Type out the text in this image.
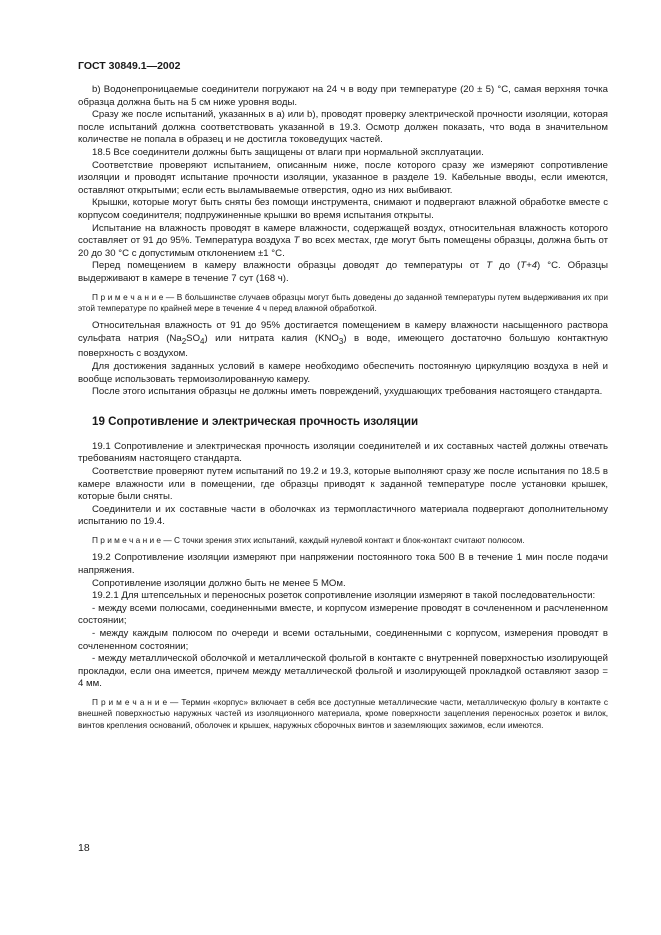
ГОСТ 30849.1—2002

b) Водонепроницаемые соединители погружают на 24 ч в воду при температуре (20 ± 5) °С, самая верхняя точка образца должна быть на 5 см ниже уровня воды.

Сразу же после испытаний, указанных в а) или b), проводят проверку электрической прочности изоляции, которая после испытаний должна соответствовать указанной в 19.3. Осмотр должен показать, что вода в значительном количестве не попала в образец и не достигла токоведущих частей.

18.5 Все соединители должны быть защищены от влаги при нормальной эксплуатации.

Соответствие проверяют испытанием, описанным ниже, после которого сразу же измеряют сопротивление изоляции и проводят испытание прочности изоляции, указанное в разделе 19. Кабельные вводы, если имеются, оставляют открытыми; если есть выламываемые отверстия, одно из них выбивают.

Крышки, которые могут быть сняты без помощи инструмента, снимают и подвергают влажной обработке вместе с корпусом соединителя; подпружиненные крышки во время испытания открыты.

Испытание на влажность проводят в камере влажности, содержащей воздух, относительная влажность которого составляет от 91 до 95%. Температура воздуха T во всех местах, где могут быть помещены образцы, должна быть от 20 до 30 °С с допустимым отклонением ±1 °С.

Перед помещением в камеру влажности образцы доводят до температуры от T до (T+4) °С. Образцы выдерживают в камере в течение 7 сут (168 ч).

П р и м е ч а н и е — В большинстве случаев образцы могут быть доведены до заданной температуры путем выдерживания их при этой температуре по крайней мере в течение 4 ч перед влажной обработкой.

Относительная влажность от 91 до 95% достигается помещением в камеру влажности насыщенного раствора сульфата натрия $(Na_2SO_4)$ или нитрата калия $(KNO_3)$ в воде, имеющего достаточно большую контактную поверхность с воздухом.

Для достижения заданных условий в камере необходимо обеспечить постоянную циркуляцию воздуха в ней и вообще использовать термоизолированную камеру.

После этого испытания образцы не должны иметь повреждений, ухудшающих требования настоящего стандарта.

19 Сопротивление и электрическая прочность изоляции

19.1 Сопротивление и электрическая прочность изоляции соединителей и их составных частей должны отвечать требованиям настоящего стандарта.

Соответствие проверяют путем испытаний по 19.2 и 19.3, которые выполняют сразу же после испытания по 18.5 в камере влажности или в помещении, где образцы приводят к заданной температуре после установки крышек, которые были сняты.

Соединители и их составные части в оболочках из термопластичного материала подвергают дополнительному испытанию по 19.4.

П р и м е ч а н и е — С точки зрения этих испытаний, каждый нулевой контакт и блок-контакт считают полюсом.

19.2 Сопротивление изоляции измеряют при напряжении постоянного тока 500 В в течение 1 мин после подачи напряжения.

Сопротивление изоляции должно быть не менее 5 МОм.

19.2.1 Для штепсельных и переносных розеток сопротивление изоляции измеряют в такой последовательности:

- между всеми полюсами, соединенными вместе, и корпусом измерение проводят в сочлененном и расчлененном состоянии;

- между каждым полюсом по очереди и всеми остальными, соединенными с корпусом, измерения проводят в сочлененном состоянии;

- между металлической оболочкой и металлической фольгой в контакте с внутренней поверхностью изолирующей прокладки, если она имеется, причем между металлической фольгой и изолирующей прокладкой оставляют зазор = 4 мм.

П р и м е ч а н и е — Термин «корпус» включает в себя все доступные металлические части, металлическую фольгу в контакте с внешней поверхностью наружных частей из изоляционного материала, кроме поверхности зацепления переносных розеток и вилок, винтов крепления оснований, оболочек и крышек, наружных сборочных винтов и заземляющих зажимов, если имеются.

18
